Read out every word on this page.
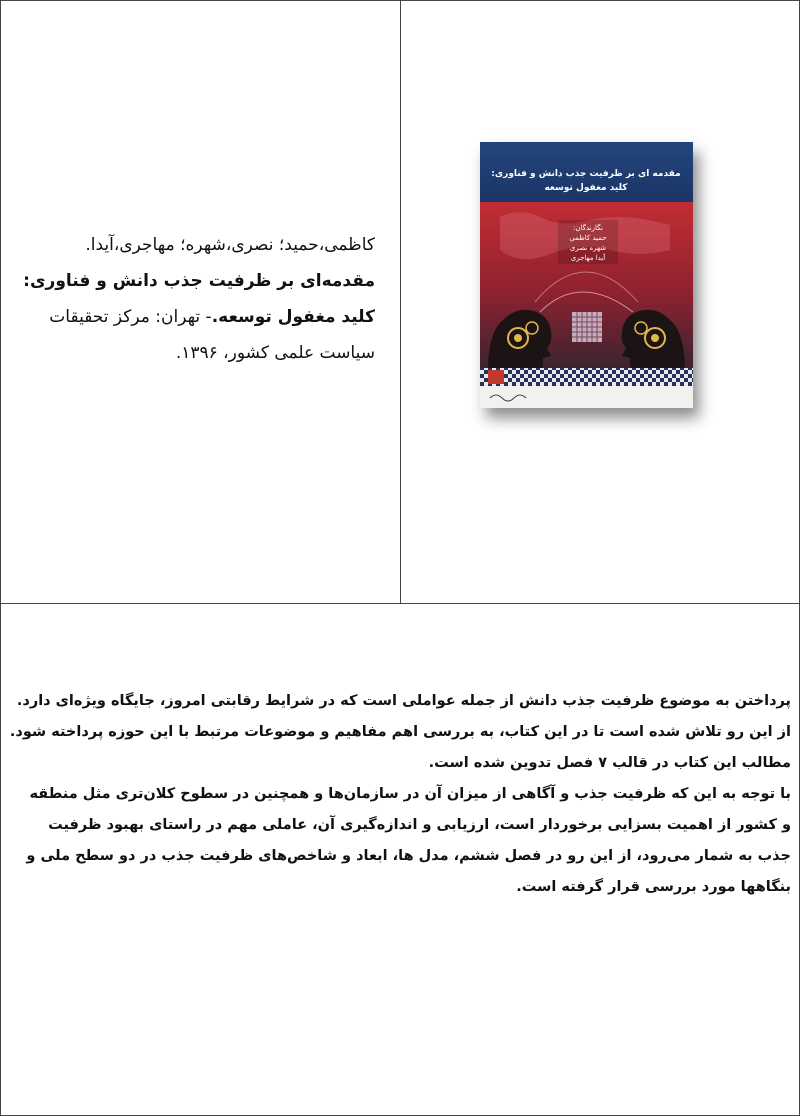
کاظمی،حمید؛ نصری،شهره؛ مهاجری،آیدا.
مقدمه‌ای بر ظرفیت جذب دانش و فناوری:
کلید مغفول توسعه.- تهران: مرکز تحقیقات
سیاست علمی کشور، ۱۳۹۶.
مقدمه ای بر ظرفیت جذب دانش و فناوری:
کلید مغفول توسعه
نگارندگان:
حمید کاظمی
شهره نصری
آیدا مهاجری
پرداختن به موضوع ظرفیت جذب دانش از جمله عواملی است که در شرایط رقابتی امروز، جایگاه ویژه‌ای دارد.
از این رو تلاش شده است تا در این کتاب، به بررسی اهم مفاهیم و موضوعات مرتبط با این حوزه پرداخته شود.
مطالب این کتاب در قالب ۷ فصل تدوین شده است.
با توجه به این که ظرفیت جذب و آگاهی از میزان آن در سازمان‌ها و همچنین در سطوح کلان‌تری مثل منطقه
و کشور از اهمیت بسزایی برخوردار است، ارزیابی و اندازه‌گیری آن، عاملی مهم در راستای بهبود ظرفیت
جذب به شمار می‌رود، از این رو در فصل ششم، مدل ها، ابعاد و شاخص‌های ظرفیت جذب در دو سطح ملی و
بنگاهها مورد بررسی قرار گرفته است.
